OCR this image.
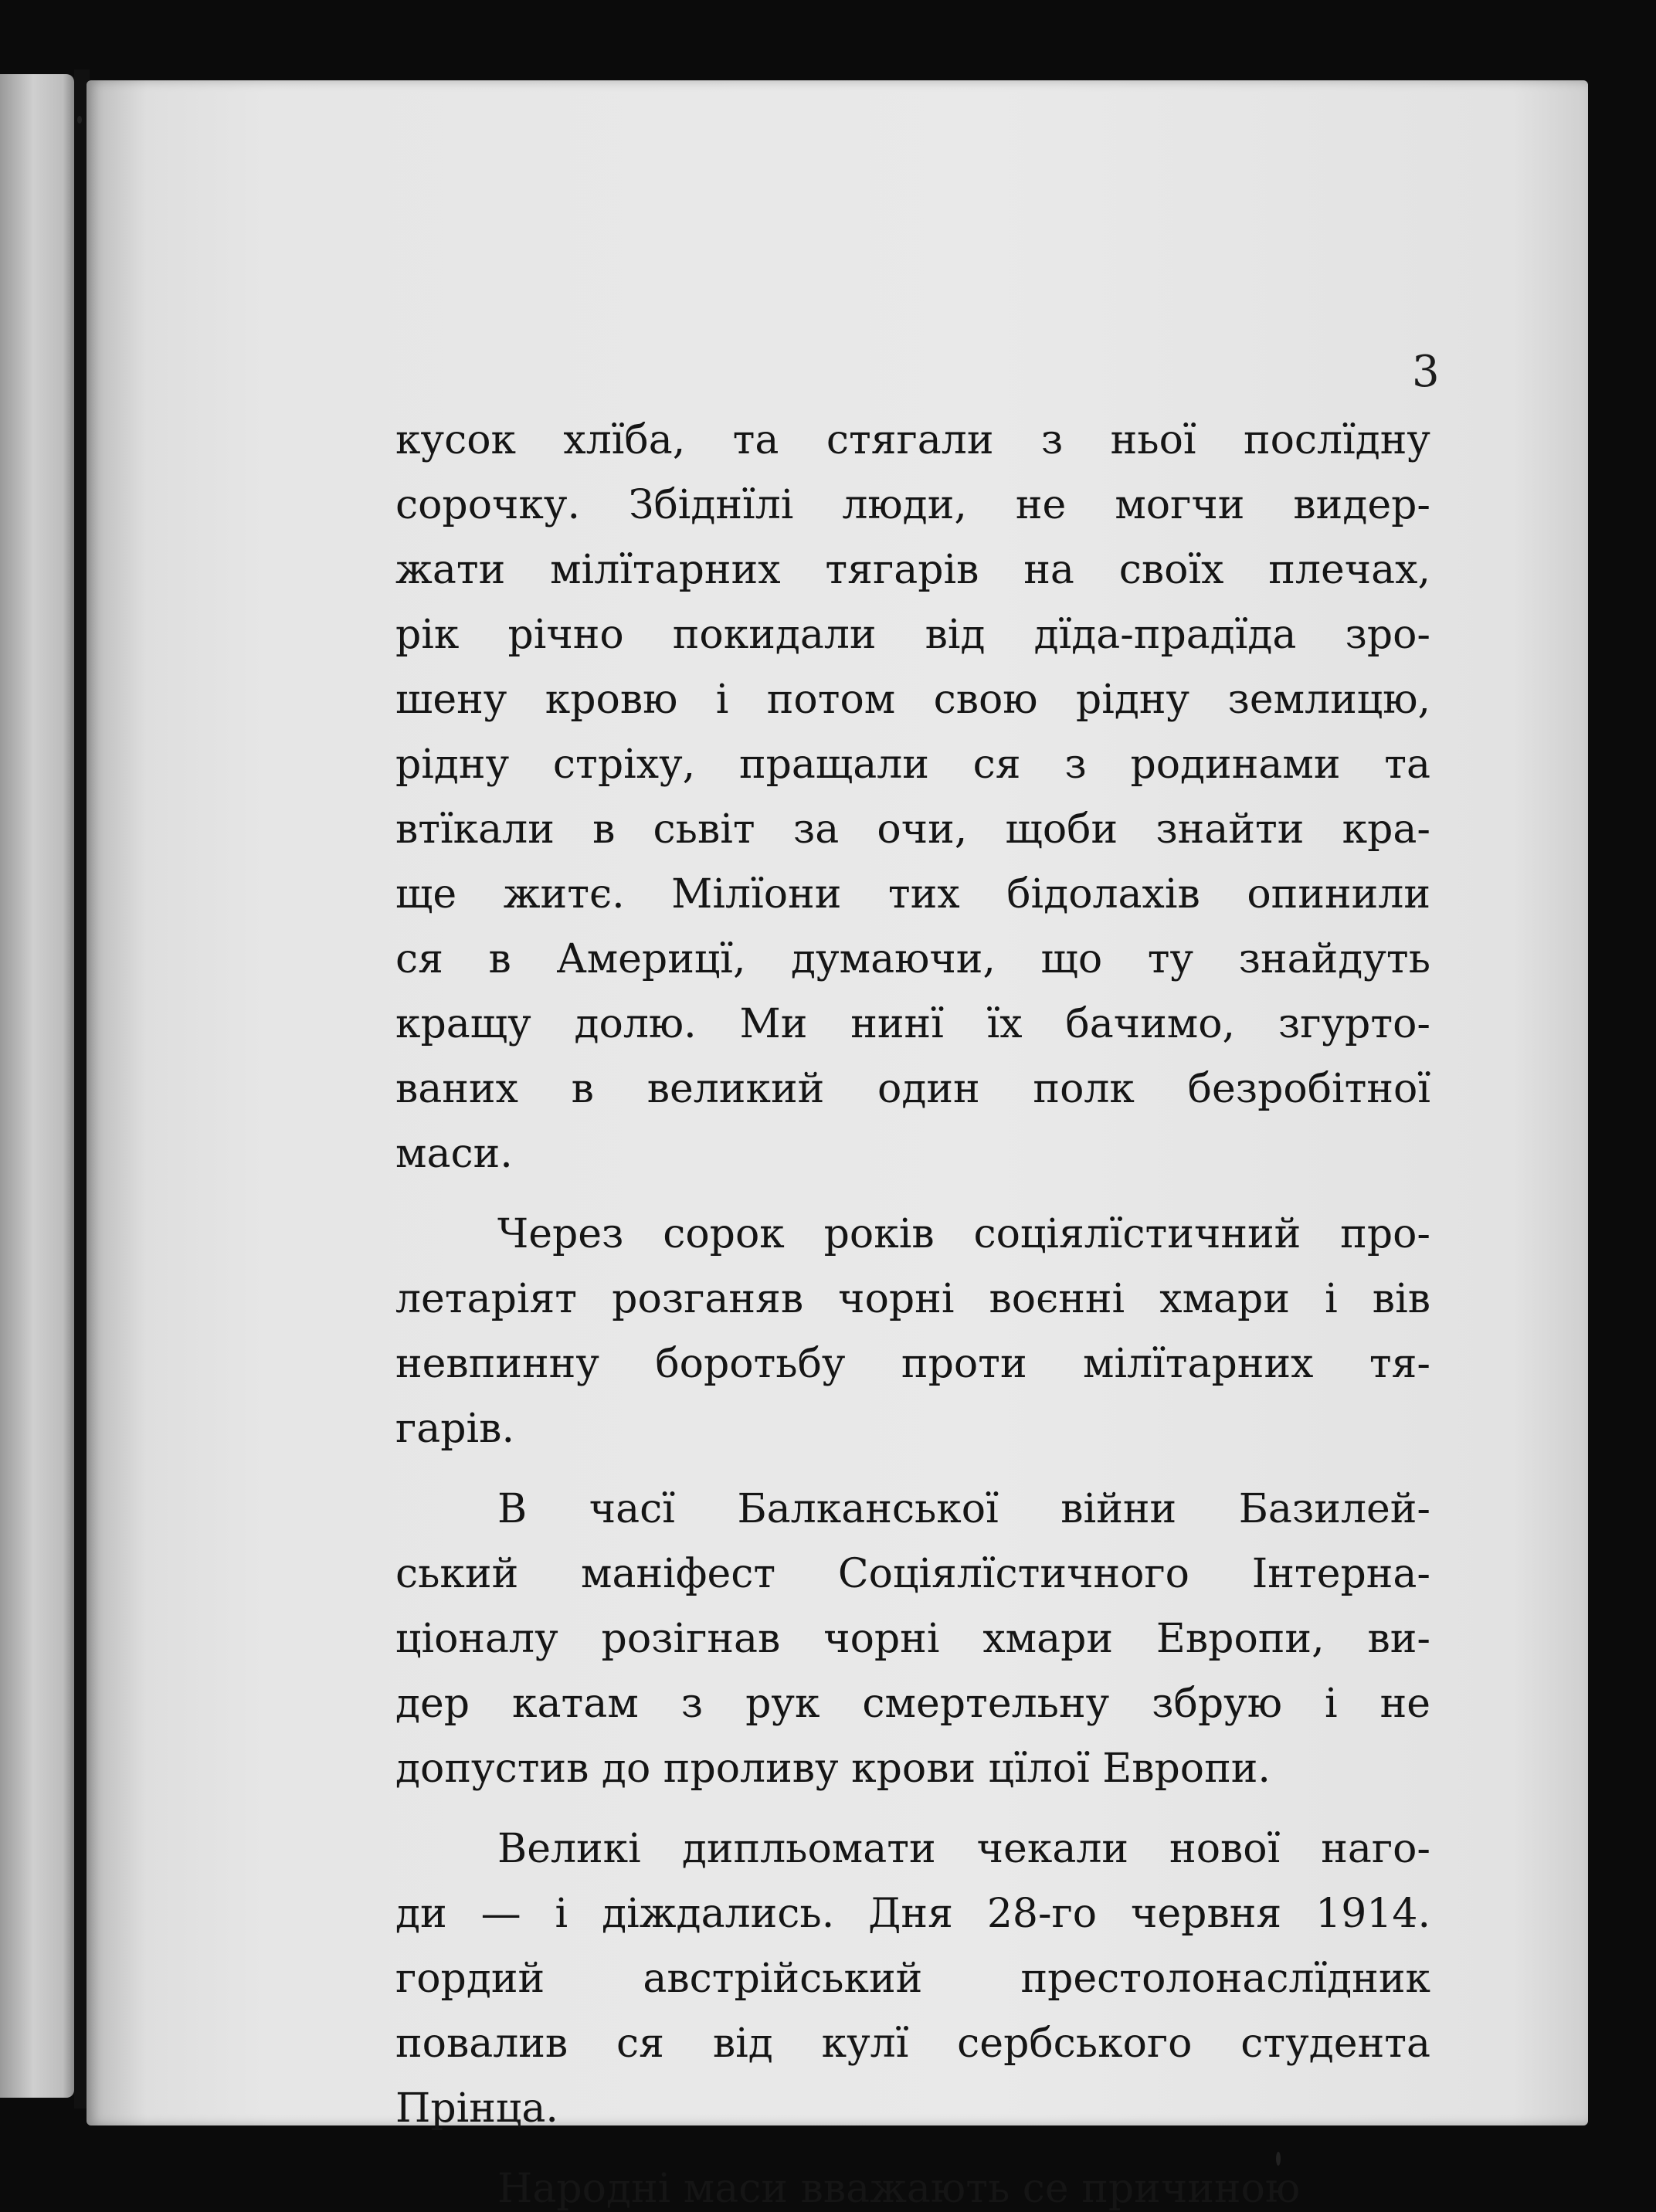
3
кусок хлїба, та стягали з ньої послїдну
сорочку. Збіднїлі люди, не могчи видер-
жати мілїтарних тягарів на своїх плечах,
рік річно покидали від дїда-прадїда зро-
шену кровю і потом свою рідну землицю,
рідну стріху, пращали ся з родинами та
втїкали в сьвіт за очи, щоби знайти кра-
ще житє. Мілїони тих бідолахів опинили
ся в Америцї, думаючи, що ту знайдуть
кращу долю. Ми нинї їх бачимо, згурто-
ваних в великий один полк безробітної
маси.
Через сорок років соціялїстичний про-
летаріят розганяв чорні воєнні хмари і вів
невпинну боротьбу проти мілїтарних тя-
гарів.
В часї Балканської війни Базилей-
ський маніфест Соціялїстичного Інтерна-
ціоналу розігнав чорні хмари Европи, ви-
дер катам з рук смертельну збрую і не
допустив до проливу крови цїлої Европи.
Великі дипльомати чекали нової наго-
ди — і діждались. Дня 28-го червня 1914.
гордий австрійський престолонаслїдник
повалив ся від кулї сербського студента
Прінца.
Народні маси вважають се причиною
